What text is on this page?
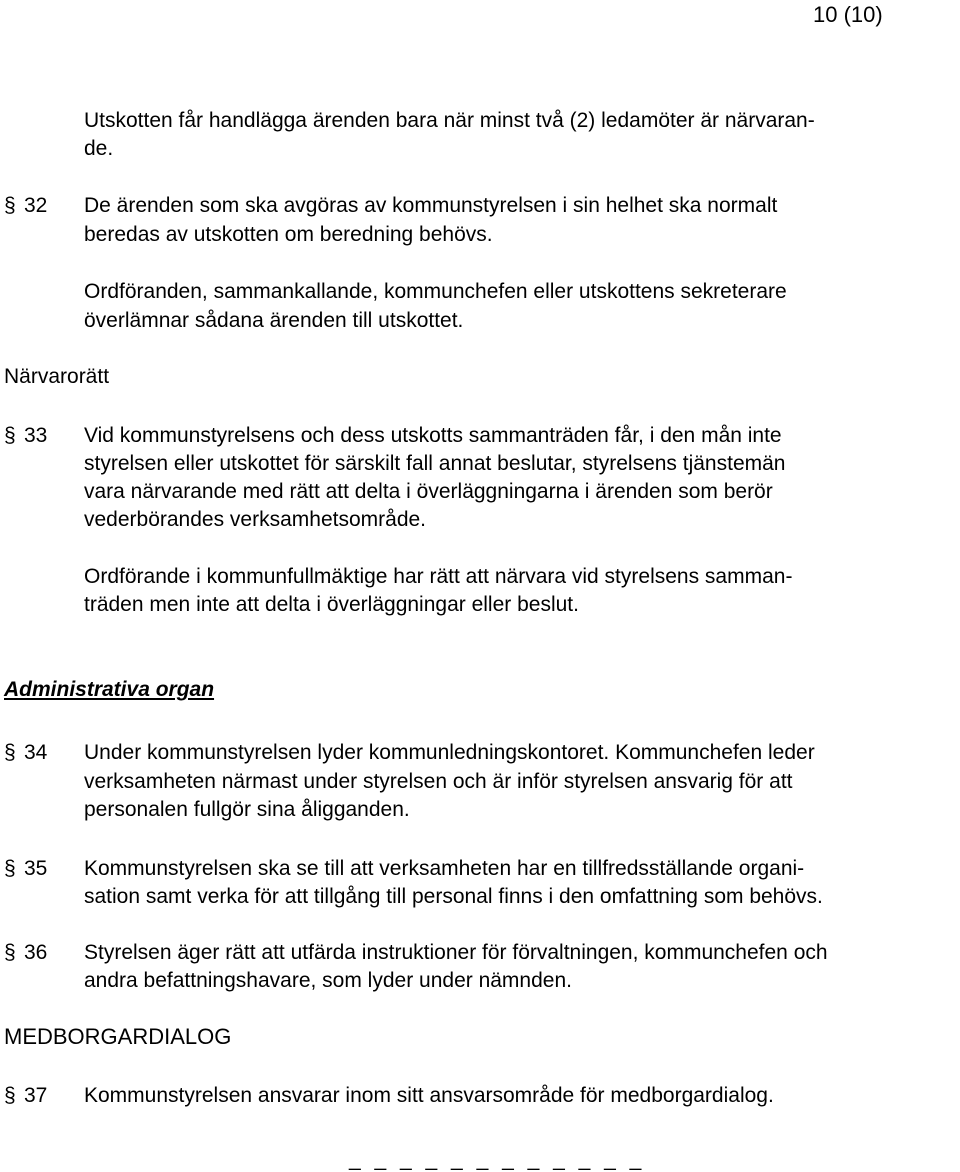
10 (10)
Utskotten får handlägga ärenden bara när minst två (2) ledamöter är närvaran-
de.
§ 32 De ärenden som ska avgöras av kommunstyrelsen i sin helhet ska normalt
beredas av utskotten om beredning behövs.
Ordföranden, sammankallande, kommunchefen eller utskottens sekreterare
överlämnar sådana ärenden till utskottet.
Närvarorätt
§ 33 Vid kommunstyrelsens och dess utskotts sammanträden får, i den mån inte
styrelsen eller utskottet för särskilt fall annat beslutar, styrelsens tjänstemän
vara närvarande med rätt att delta i överläggningarna i ärenden som berör
vederbörandes verksamhetsområde.
Ordförande i kommunfullmäktige har rätt att närvara vid styrelsens samman-
träden men inte att delta i överläggningar eller beslut.
Administrativa organ
§ 34 Under kommunstyrelsen lyder kommunledningskontoret. Kommunchefen leder
verksamheten närmast under styrelsen och är inför styrelsen ansvarig för att
personalen fullgör sina åligganden.
§ 35 Kommunstyrelsen ska se till att verksamheten har en tillfredsställande organi-
sation samt verka för att tillgång till personal finns i den omfattning som behövs.
§ 36 Styrelsen äger rätt att utfärda instruktioner för förvaltningen, kommunchefen och
andra befattningshavare, som lyder under nämnden.
MEDBORGARDIALOG
§ 37 Kommunstyrelsen ansvarar inom sitt ansvarsområde för medborgardialog.
_ _ _ _ _ _ _ _ _ _ _ _
